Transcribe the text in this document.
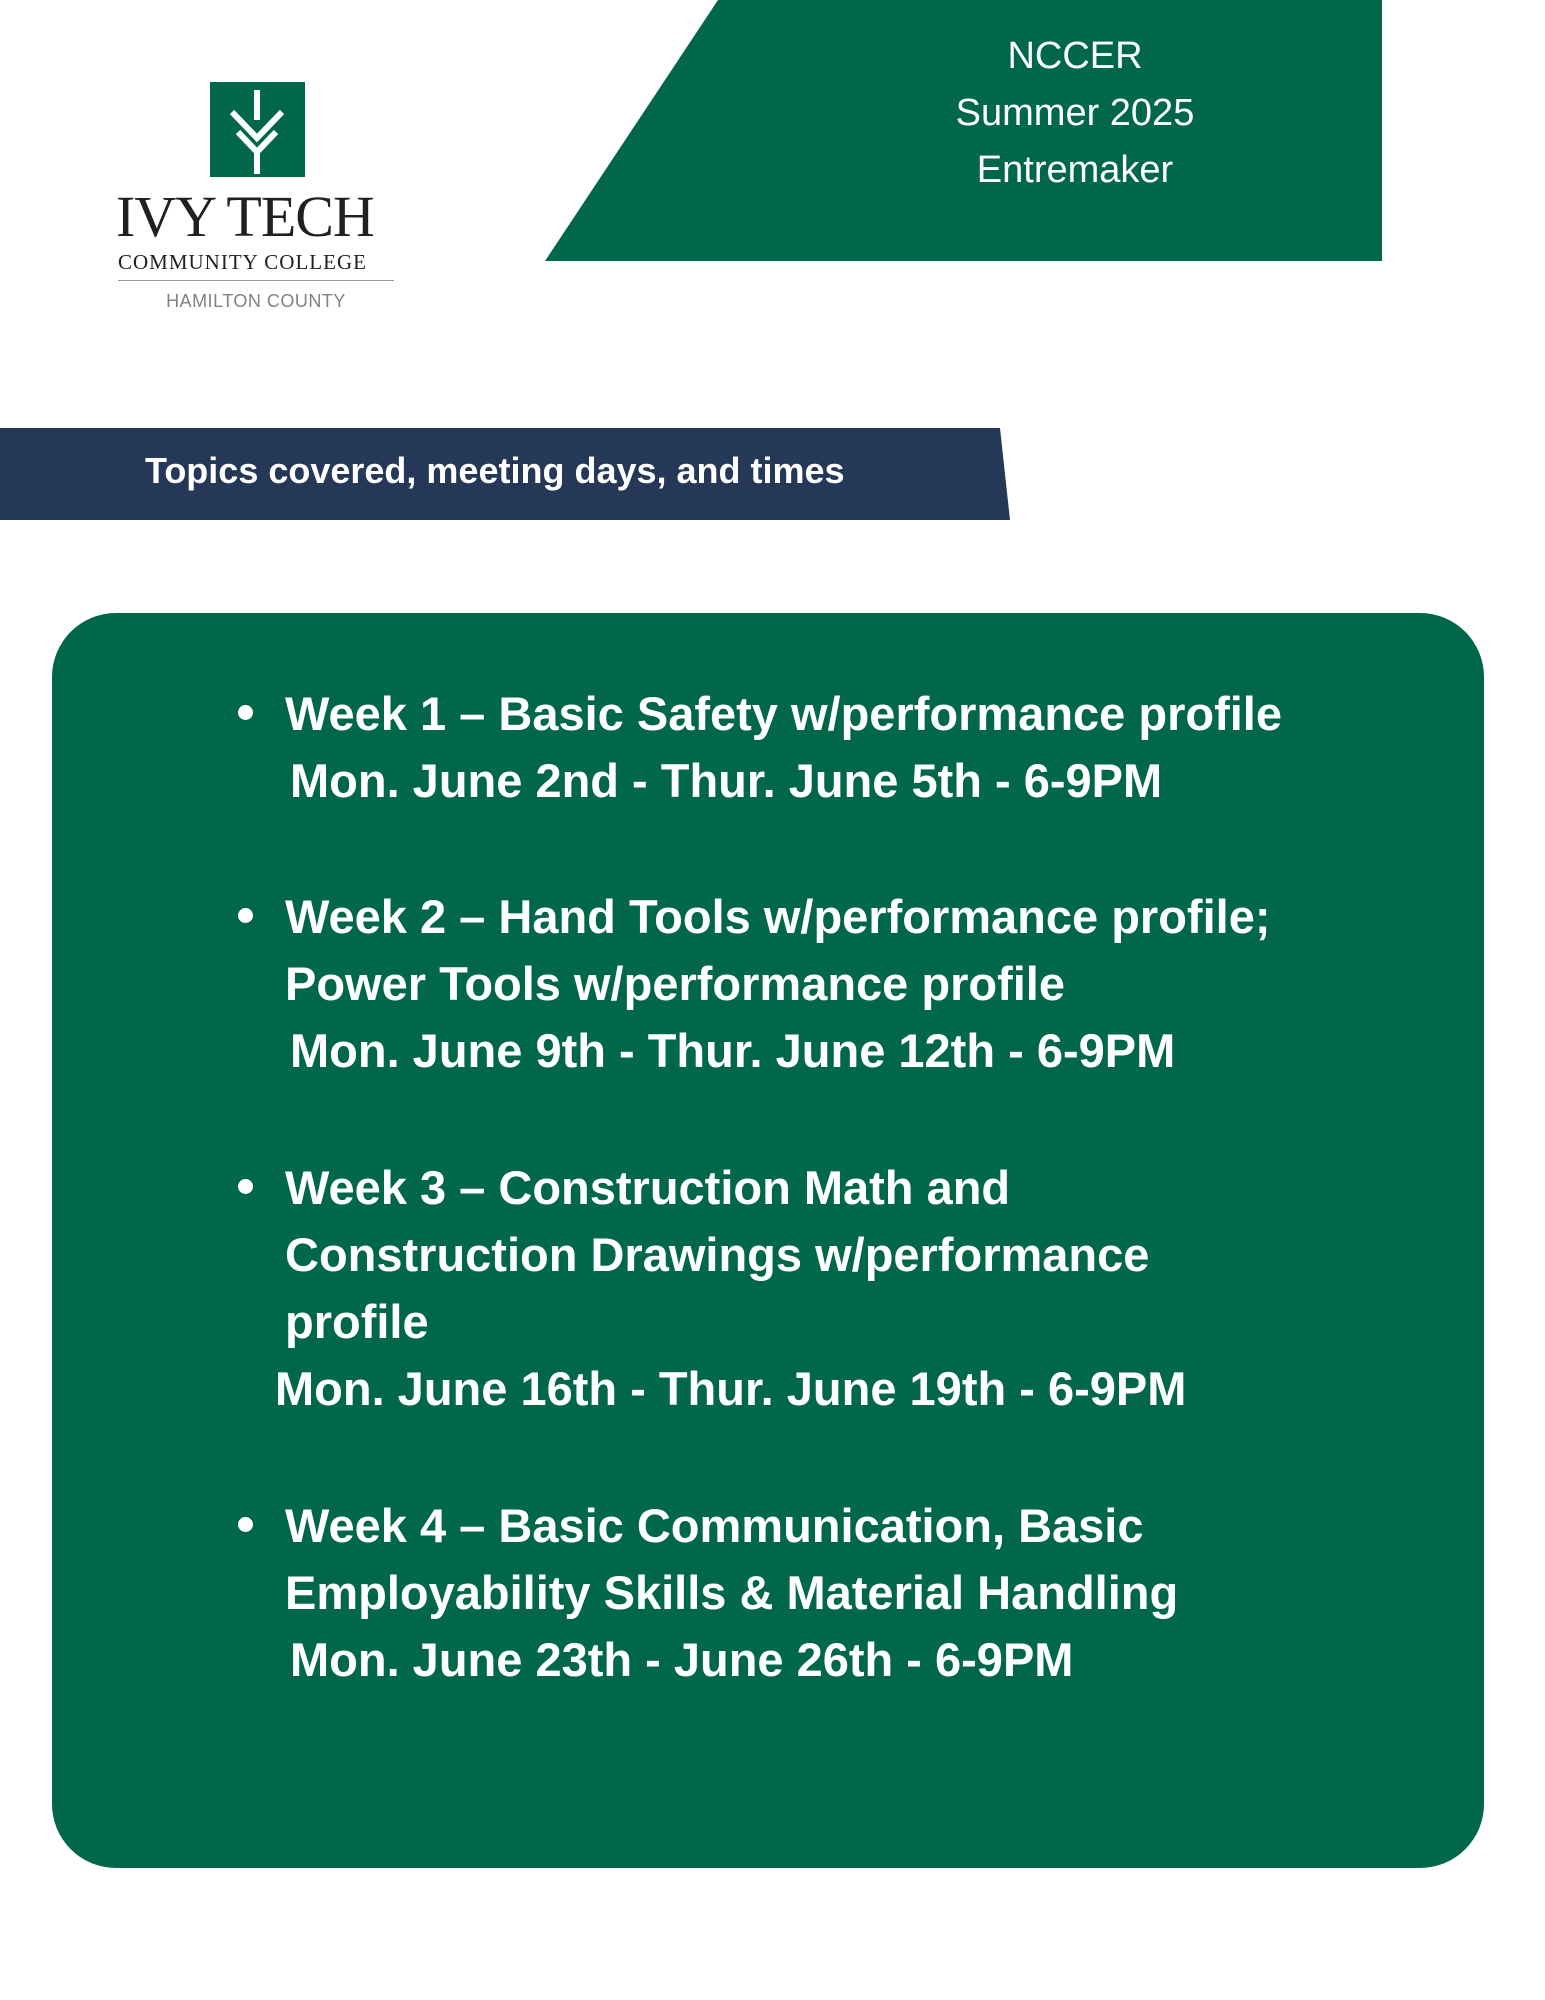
NCCER
Summer 2025
Entremaker
IVY TECH
COMMUNITY COLLEGE
HAMILTON COUNTY
Topics covered, meeting days, and times
Week 1 – Basic Safety w/performance profile
Mon. June 2nd - Thur. June 5th - 6-9PM
Week 2 – Hand Tools w/performance profile;
Power Tools w/performance profile
Mon. June 9th - Thur. June 12th - 6-9PM
Week 3 – Construction Math and
Construction Drawings w/performance
profile
Mon. June 16th - Thur. June 19th - 6-9PM
Week 4 – Basic Communication, Basic
Employability Skills & Material Handling
Mon. June 23th - June 26th - 6-9PM
